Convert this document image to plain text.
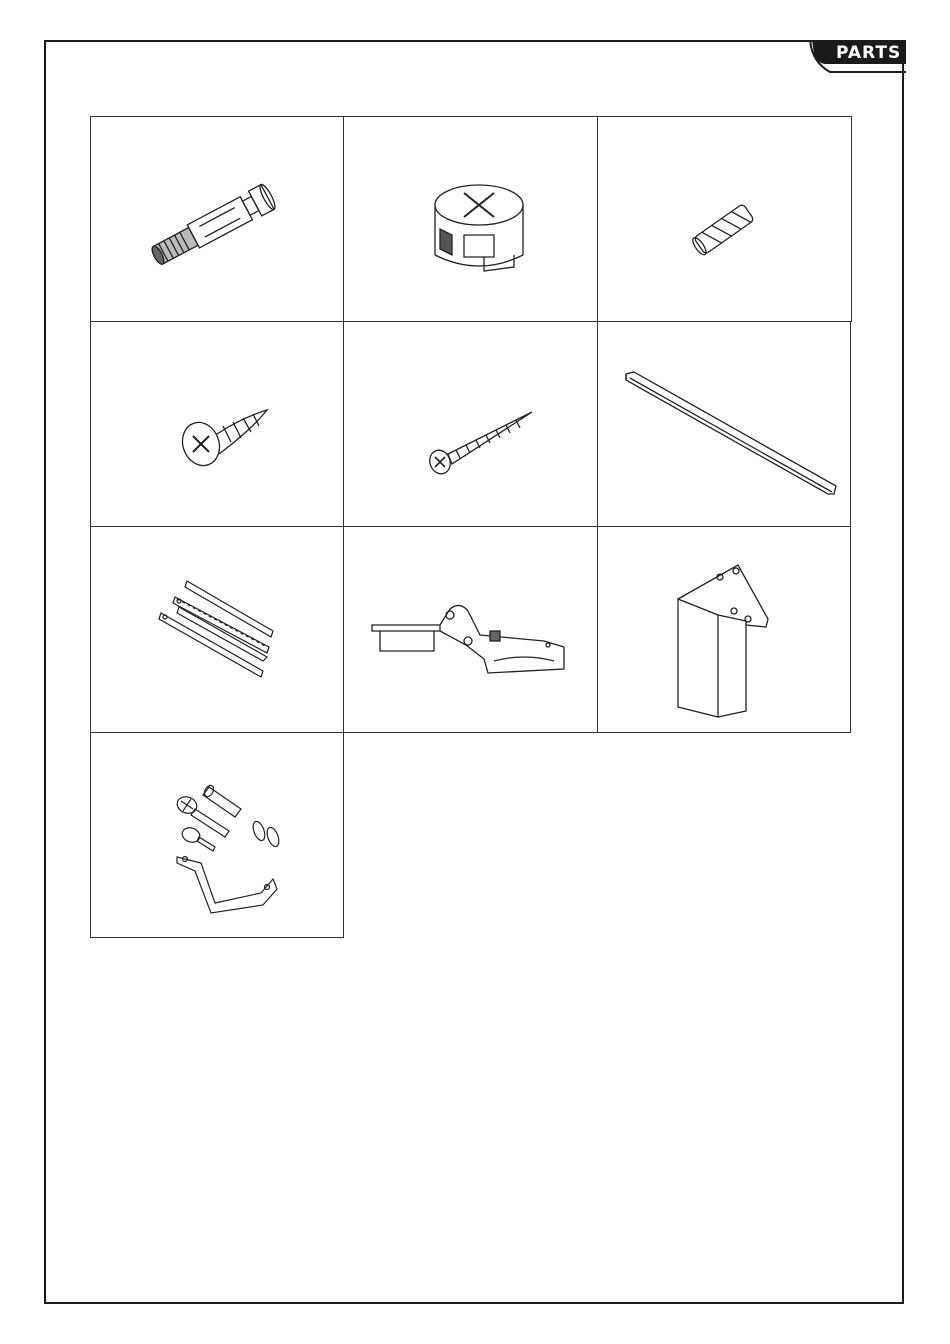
PARTS
